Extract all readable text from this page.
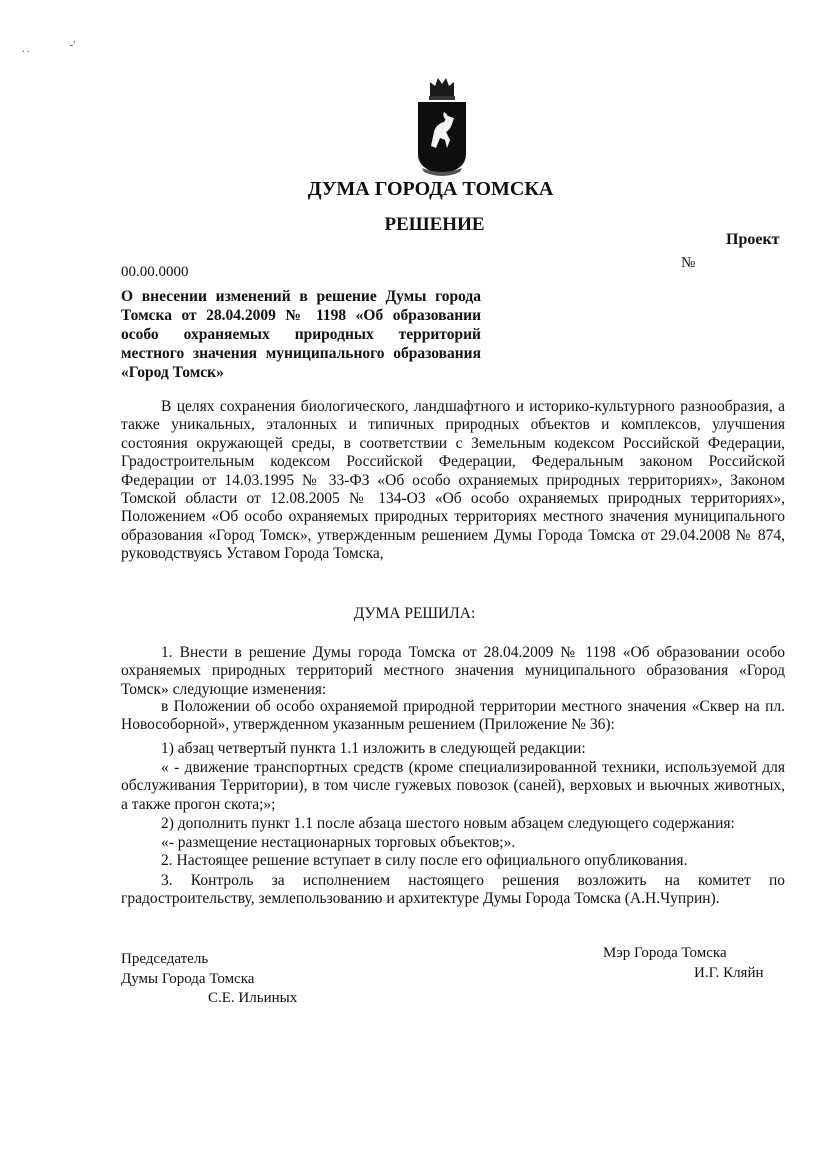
. .	-'
ДУМА ГОРОДА ТОМСКА
РЕШЕНИЕ
Проект
00.00.0000
№
О внесении изменений в решение Думы города Томска от 28.04.2009 № 1198 «Об образовании особо охраняемых природных территорий местного значения муниципального образования «Город Томск»
В целях сохранения биологического, ландшафтного и историко-культурного разнообразия, а также уникальных, эталонных и типичных природных объектов и комплексов, улучшения состояния окружающей среды, в соответствии с Земельным кодексом Российской Федерации, Градостроительным кодексом Российской Федерации, Федеральным законом Российской Федерации от 14.03.1995 № 33-ФЗ «Об особо охраняемых природных территориях», Законом Томской области от 12.08.2005 № 134-ОЗ «Об особо охраняемых природных территориях», Положением «Об особо охраняемых природных территориях местного значения муниципального образования «Город Томск», утвержденным решением Думы Города Томска от 29.04.2008 № 874, руководствуясь Уставом Города Томска,
ДУМА РЕШИЛА:
1. Внести в решение Думы города Томска от 28.04.2009 № 1198 «Об образовании особо охраняемых природных территорий местного значения муниципального образования «Город Томск» следующие изменения:
в Положении об особо охраняемой природной территории местного значения «Сквер на пл. Новособорной», утвержденном указанным решением (Приложение № 36):
1) абзац четвертый пункта 1.1 изложить в следующей редакции:
« - движение транспортных средств (кроме специализированной техники, используемой для обслуживания Территории), в том числе гужевых повозок (саней), верховых и вьючных животных, а также прогон скота;»;
2) дополнить пункт 1.1 после абзаца шестого новым абзацем следующего содержания:
«- размещение нестационарных торговых объектов;».
2. Настоящее решение вступает в силу после его официального опубликования.
3. Контроль за исполнением настоящего решения возложить на комитет по градостроительству, землепользованию и архитектуре Думы Города Томска (А.Н.Чуприн).
Председатель
Думы Города Томска
С.Е. Ильиных
Мэр Города Томска
И.Г. Кляйн
